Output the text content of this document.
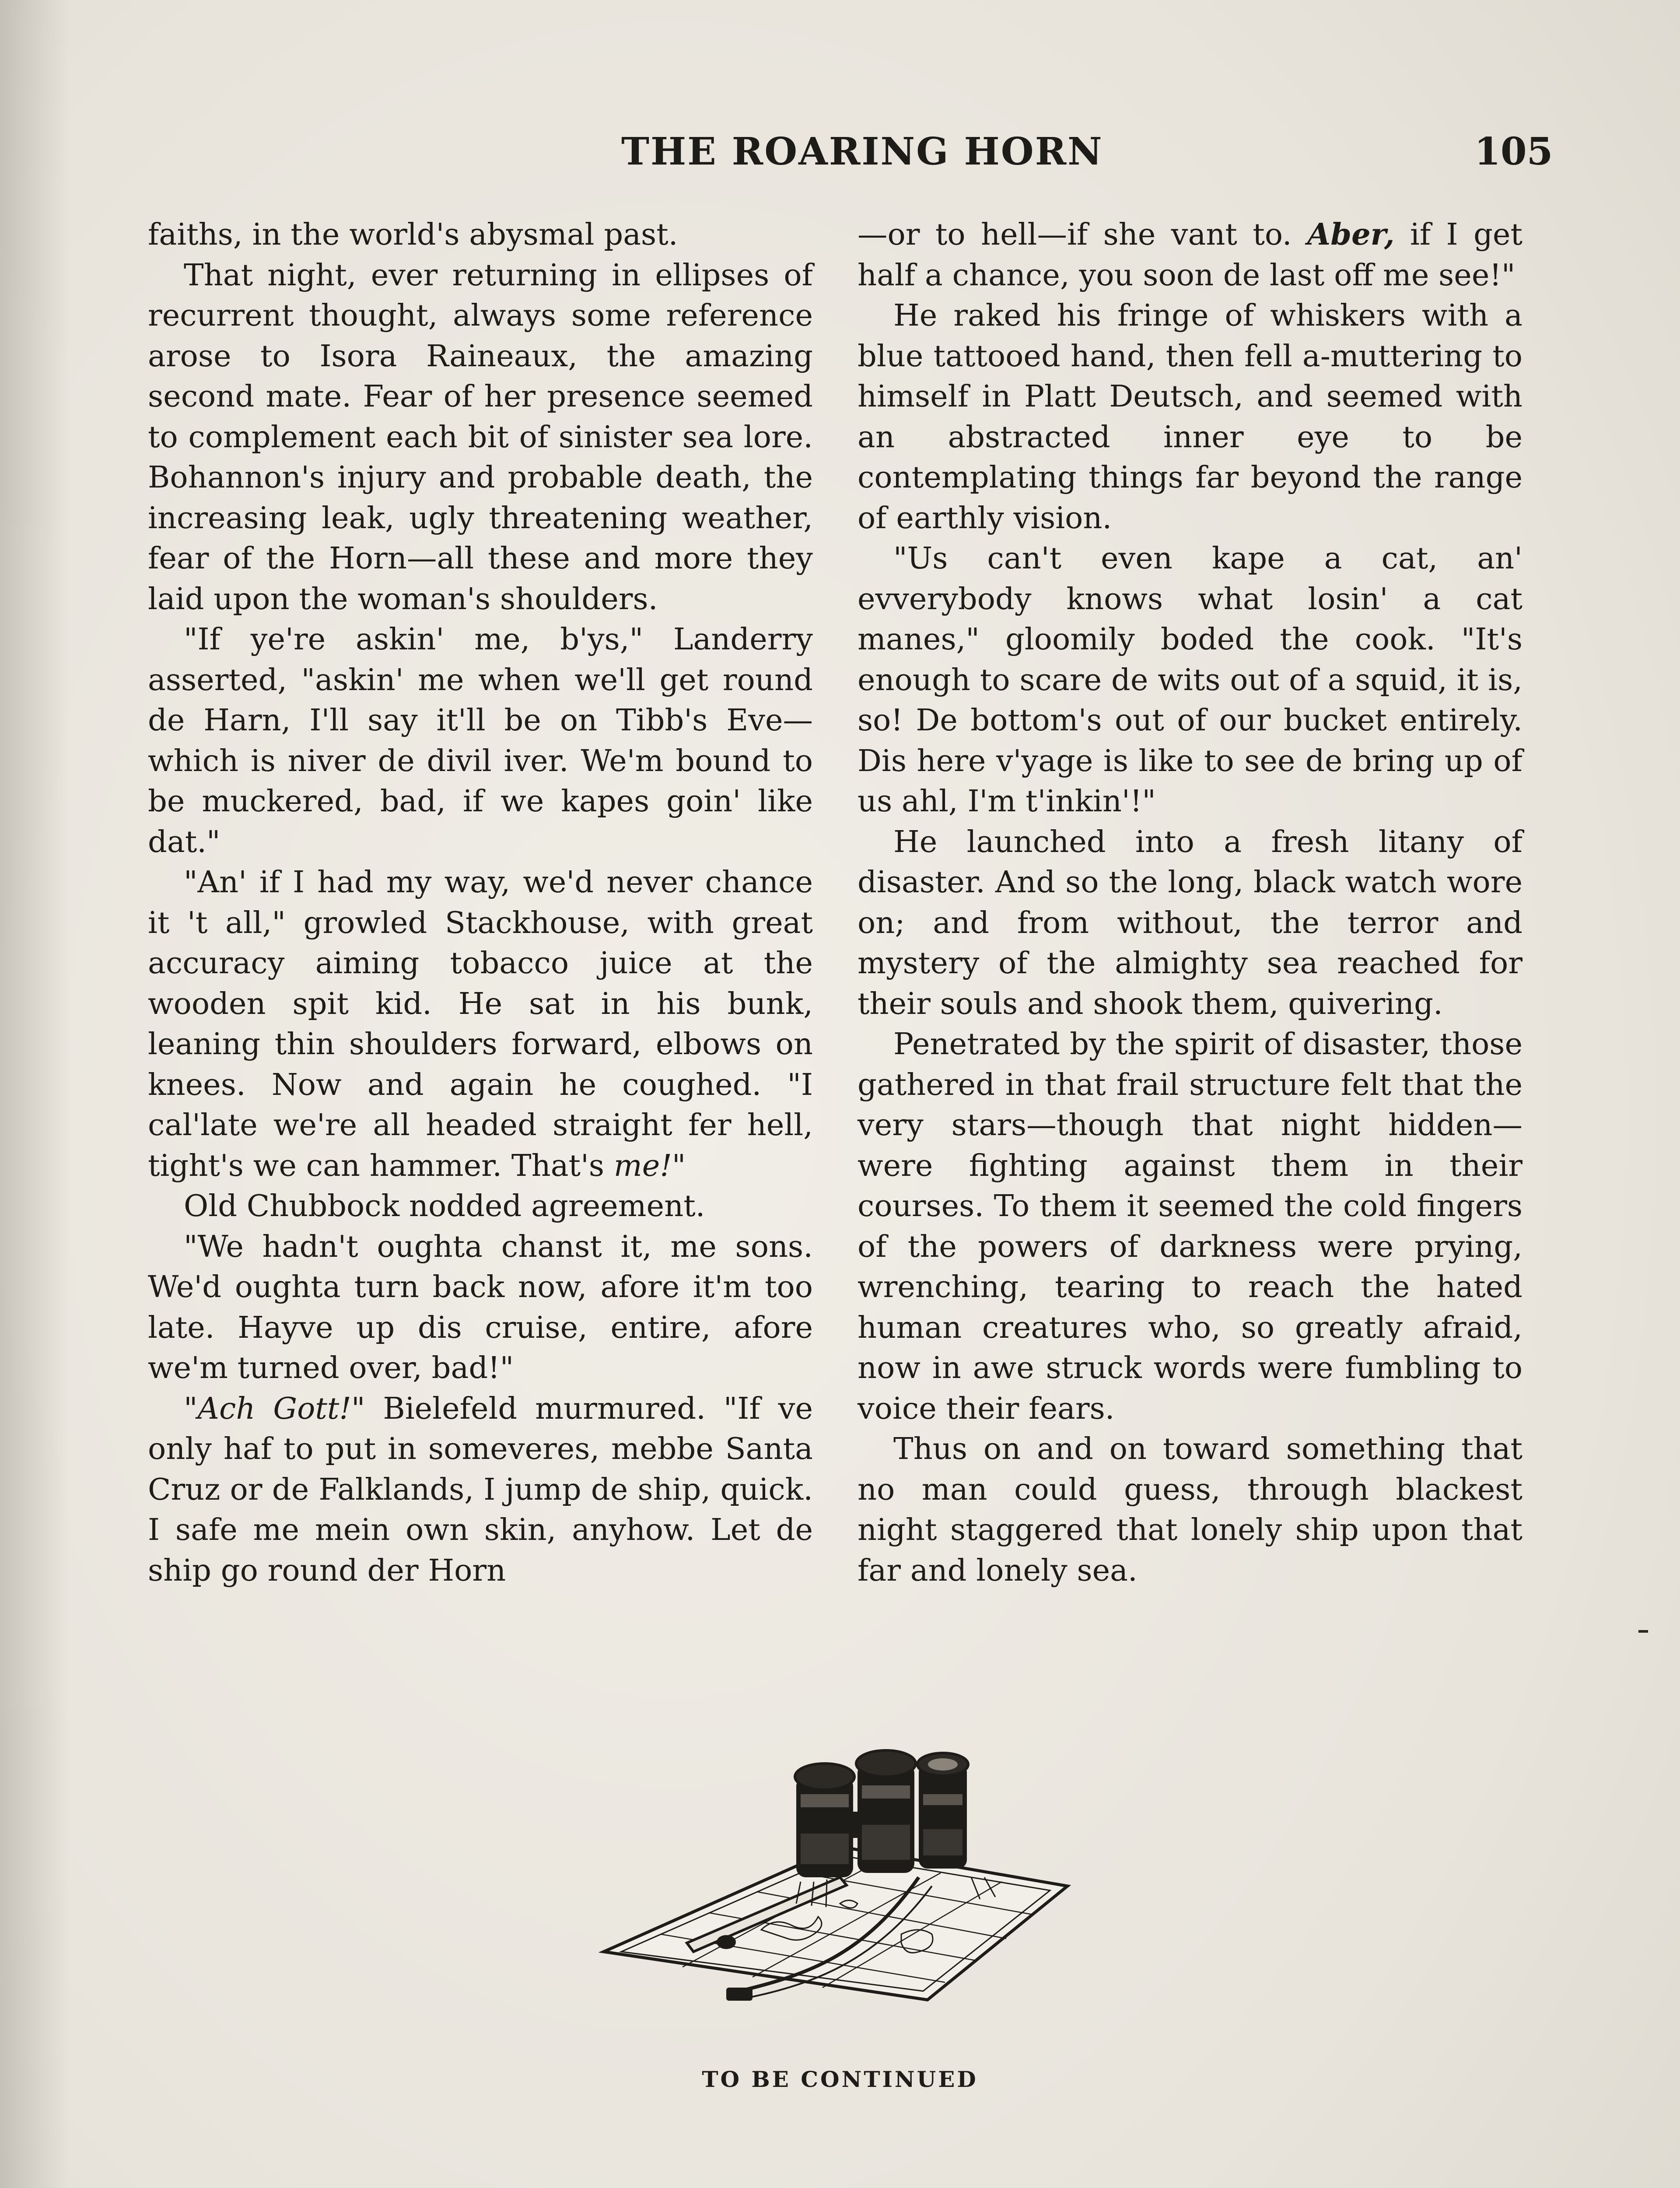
THE ROARING HORN	105

faiths, in the world's abysmal past.

That night, ever returning in ellipses of recurrent thought, always some reference arose to Isora Raineaux, the amazing second mate. Fear of her presence seemed to complement each bit of sinister sea lore. Bohannon's injury and probable death, the increasing leak, ugly threatening weather, fear of the Horn—all these and more they laid upon the woman's shoulders.

"If ye're askin' me, b'ys," Landerry asserted, "askin' me when we'll get round de Harn, I'll say it'll be on Tibb's Eve—which is niver de divil iver. We'm bound to be muckered, bad, if we kapes goin' like dat."

"An' if I had my way, we'd never chance it 't all," growled Stackhouse, with great accuracy aiming tobacco juice at the wooden spit kid. He sat in his bunk, leaning thin shoulders forward, elbows on knees. Now and again he coughed. "I cal'late we're all headed straight fer hell, tight's we can hammer. That's me!"

Old Chubbock nodded agreement.

"We hadn't oughta chanst it, me sons. We'd oughta turn back now, afore it'm too late. Hayve up dis cruise, entire, afore we'm turned over, bad!"

"Ach Gott!" Bielefeld murmured. "If ve only haf to put in someveres, mebbe Santa Cruz or de Falklands, I jump de ship, quick. I safe me mein own skin, anyhow. Let de ship go round der Horn

—or to hell—if she vant to. Aber, if I get half a chance, you soon de last off me see!"

He raked his fringe of whiskers with a blue tattooed hand, then fell a-muttering to himself in Platt Deutsch, and seemed with an abstracted inner eye to be contemplating things far beyond the range of earthly vision.

"Us can't even kape a cat, an' evverybody knows what losin' a cat manes," gloomily boded the cook. "It's enough to scare de wits out of a squid, it is, so! De bottom's out of our bucket entirely. Dis here v'yage is like to see de bring up of us ahl, I'm t'inkin'!"

He launched into a fresh litany of disaster. And so the long, black watch wore on; and from without, the terror and mystery of the almighty sea reached for their souls and shook them, quivering.

Penetrated by the spirit of disaster, those gathered in that frail structure felt that the very stars—though that night hidden—were fighting against them in their courses. To them it seemed the cold fingers of the powers of darkness were prying, wrenching, tearing to reach the hated human creatures who, so greatly afraid, now in awe struck words were fumbling to voice their fears.

Thus on and on toward something that no man could guess, through blackest night staggered that lonely ship upon that far and lonely sea.

TO BE CONTINUED
